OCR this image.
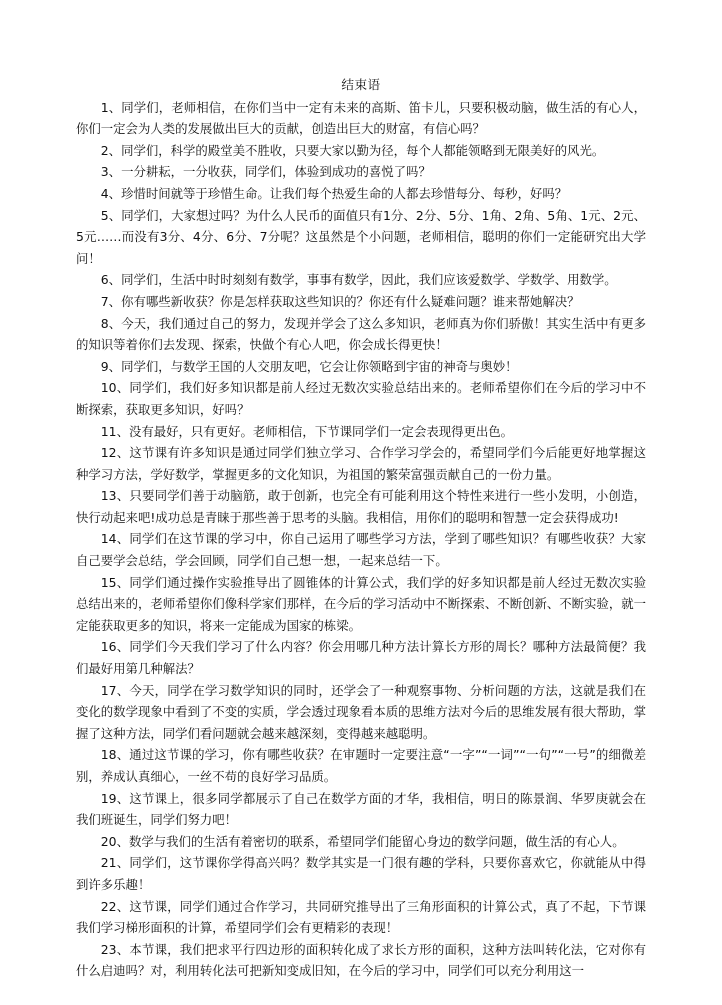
结束语

1、同学们，老师相信，在你们当中一定有未来的高斯、笛卡儿，只要积极动脑，做生活的有心人，你们一定会为人类的发展做出巨大的贡献，创造出巨大的财富，有信心吗？

2、同学们，科学的殿堂美不胜收，只要大家以勤为径，每个人都能领略到无限美好的风光。

3、一分耕耘，一分收获，同学们，体验到成功的喜悦了吗？

4、珍惜时间就等于珍惜生命。让我们每个热爱生命的人都去珍惜每分、每秒，好吗？

5、同学们，大家想过吗？为什么人民币的面值只有1分、2分、5分、1角、2角、5角、1元、2元、5元……而没有3分、4分、6分、7分呢？这虽然是个小问题，老师相信，聪明的你们一定能研究出大学问！

6、同学们，生活中时时刻刻有数学，事事有数学，因此，我们应该爱数学、学数学、用数学。

7、你有哪些新收获？你是怎样获取这些知识的？你还有什么疑难问题？谁来帮她解决？

8、今天，我们通过自己的努力，发现并学会了这么多知识，老师真为你们骄傲！其实生活中有更多的知识等着你们去发现、探索，快做个有心人吧，你会成长得更快！

9、同学们，与数学王国的人交朋友吧，它会让你领略到宇宙的神奇与奥妙！

10、同学们，我们好多知识都是前人经过无数次实验总结出来的。老师希望你们在今后的学习中不断探索，获取更多知识，好吗？

11、没有最好，只有更好。老师相信，下节课同学们一定会表现得更出色。

12、这节课有许多知识是通过同学们独立学习、合作学习学会的，希望同学们今后能更好地掌握这种学习方法，学好数学，掌握更多的文化知识，为祖国的繁荣富强贡献自己的一份力量。

13、只要同学们善于动脑筋，敢于创新，也完全有可能利用这个特性来进行一些小发明，小创造，快行动起来吧!成功总是青睐于那些善于思考的头脑。我相信，用你们的聪明和智慧一定会获得成功!

14、同学们在这节课的学习中，你自己运用了哪些学习方法，学到了哪些知识？有哪些收获？大家自己要学会总结，学会回顾，同学们自己想一想，一起来总结一下。

15、同学们通过操作实验推导出了圆锥体的计算公式，我们学的好多知识都是前人经过无数次实验总结出来的，老师希望你们像科学家们那样，在今后的学习活动中不断探索、不断创新、不断实验，就一定能获取更多的知识，将来一定能成为国家的栋梁。

16、同学们今天我们学习了什么内容？你会用哪几种方法计算长方形的周长？哪种方法最简便？我们最好用第几种解法？

17、今天，同学在学习数学知识的同时，还学会了一种观察事物、分析问题的方法，这就是我们在变化的数学现象中看到了不变的实质，学会透过现象看本质的思维方法对今后的思维发展有很大帮助，掌握了这种方法，同学们看问题就会越来越深刻，变得越来越聪明。

18、通过这节课的学习，你有哪些收获？在审题时一定要注意“一字”“一词”“一句”“一号”的细微差别，养成认真细心，一丝不苟的良好学习品质。

19、这节课上，很多同学都展示了自己在数学方面的才华，我相信，明日的陈景润、华罗庚就会在我们班诞生，同学们努力吧！

20、数学与我们的生活有着密切的联系，希望同学们能留心身边的数学问题，做生活的有心人。

21、同学们，这节课你学得高兴吗？数学其实是一门很有趣的学科，只要你喜欢它，你就能从中得到许多乐趣！

22、这节课，同学们通过合作学习，共同研究推导出了三角形面积的计算公式，真了不起，下节课我们学习梯形面积的计算，希望同学们会有更精彩的表现！

23、本节课，我们把求平行四边形的面积转化成了求长方形的面积，这种方法叫转化法，它对你有什么启迪吗？对，利用转化法可把新知变成旧知，在今后的学习中，同学们可以充分利用这一
